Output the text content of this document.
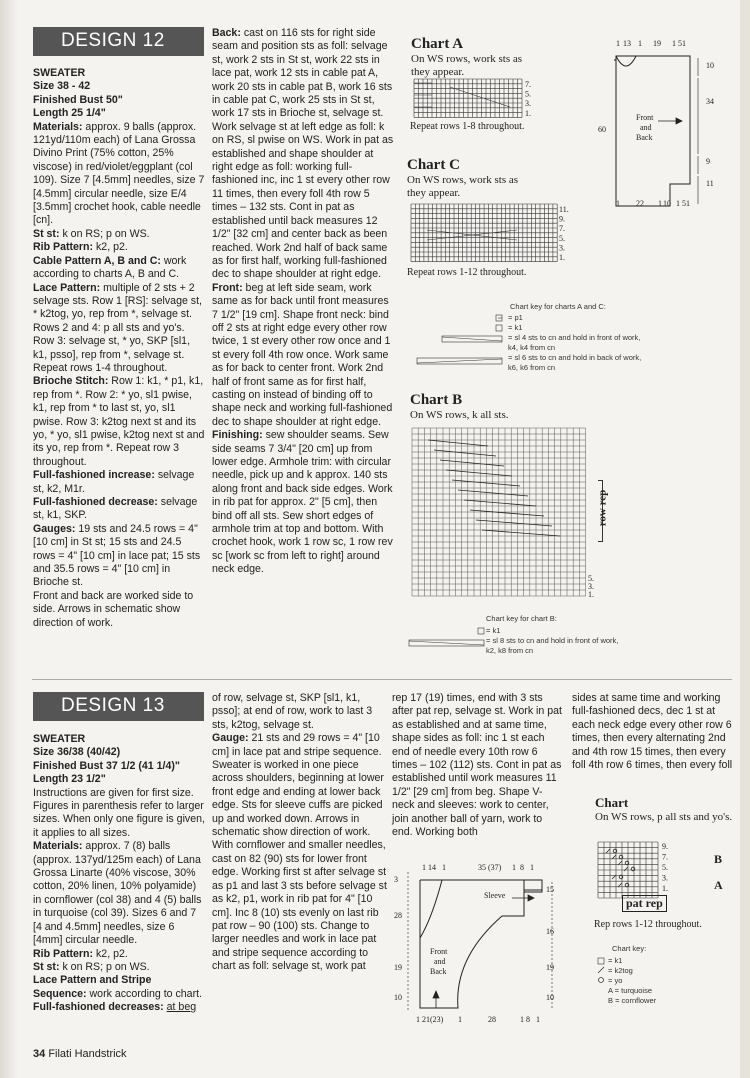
DESIGN 12

SWEATER

Size 38 - 42

Finished Bust 50"

Length 25 1/4"

Materials: approx. 9 balls (approx. 121yd/110m each) of Lana Grossa Divino Print (75% cotton, 25% viscose) in red/violet/eggplant (col 109). Size 7 [4.5mm] needles, size 7 [4.5mm] circular needle, size E/4 [3.5mm] crochet hook, cable needle [cn].

St st: k on RS; p on WS.

Rib Pattern: k2, p2.

Cable Pattern A, B and C: work according to charts A, B and C.

Lace Pattern: multiple of 2 sts + 2 selvage sts. Row 1 [RS]: selvage st, * k2tog, yo, rep from *, selvage st. Rows 2 and 4: p all sts and yo's. Row 3: selvage st, * yo, SKP [sl1, k1, psso], rep from *, selvage st. Repeat rows 1-4 throughout.

Brioche Stitch: Row 1: k1, * p1, k1, rep from *. Row 2: * yo, sl1 pwise, k1, rep from * to last st, yo, sl1 pwise. Row 3: k2tog next st and its yo, * yo, sl1 pwise, k2tog next st and its yo, rep from *. Repeat row 3 throughout.

Full-fashioned increase: selvage st, k2, M1r.

Full-fashioned decrease: selvage st, k1, SKP.

Gauges: 19 sts and 24.5 rows = 4" [10 cm] in St st; 15 sts and 24.5 rows = 4" [10 cm] in lace pat; 15 sts and 35.5 rows = 4" [10 cm] in Brioche st.

Front and back are worked side to side. Arrows in schematic show direction of work.

Back: cast on 116 sts for right side seam and position sts as foll: selvage st, work 2 sts in St st, work 22 sts in lace pat, work 12 sts in cable pat A, work 20 sts in cable pat B, work 16 sts in cable pat C, work 25 sts in St st, work 17 sts in Brioche st, selvage st. Work selvage st at left edge as foll: k on RS, sl pwise on WS. Work in pat as established and shape shoulder at right edge as foll: working full-fashioned inc, inc 1 st every other row 11 times, then every foll 4th row 5 times – 132 sts. Cont in pat as established until back measures 12 1/2" [32 cm] and center back as been reached. Work 2nd half of back same as for first half, working full-fashioned dec to shape shoulder at right edge.

Front: beg at left side seam, work same as for back until front measures 7 1/2" [19 cm]. Shape front neck: bind off 2 sts at right edge every other row twice, 1 st every other row once and 1 st every foll 4th row once. Work same as for back to center front. Work 2nd half of front same as for first half, casting on instead of binding off to shape neck and working full-fashioned dec to shape shoulder at right edge.

Finishing: sew shoulder seams. Sew side seams 7 3/4" [20 cm] up from lower edge. Armhole trim: with circular needle, pick up and k approx. 140 sts along front and back side edges. Work in rib pat for approx. 2" [5 cm], then bind off all sts. Sew short edges of armhole trim at top and bottom. With crochet hook, work 1 row sc, 1 row rev sc [work sc from left to right] around neck edge.

Chart A
On WS rows, work sts as they appear.
7.
5.
3.
1.
Repeat rows 1-8 throughout.
Chart C
On WS rows, work sts as they appear.
11.
9.
7.
5.
3.
1.
Repeat rows 1-12 throughout.
Chart key for charts A and C:
= p1
= k1
= sl 4 sts to cn and hold in front of work, k4, k4 from cn
= sl 6 sts to cn and hold in back of work, k6, k6 from cn
Chart B
On WS rows, k all sts.
5.
3.
1.
row rep
Chart key for chart B:
= k1
= sl 8 sts to cn and hold in front of work, k2, k8 from cn
1 13 1 19 1 51
10
34
9
11
60
1 22 1 10 1 51
Front
and
Back
DESIGN 13

SWEATER

Size 36/38 (40/42)

Finished Bust 37 1/2 (41 1/4)"

Length 23 1/2"

Instructions are given for first size. Figures in parenthesis refer to larger sizes. When only one figure is given, it applies to all sizes.

Materials: approx. 7 (8) balls (approx. 137yd/125m each) of Lana Grossa Linarte (40% viscose, 30% cotton, 20% linen, 10% polyamide) in cornflower (col 38) and 4 (5) balls in turquoise (col 39). Sizes 6 and 7 [4 and 4.5mm] needles, size 6 [4mm] circular needle.

Rib Pattern: k2, p2.

St st: k on RS; p on WS.

Lace Pattern and Stripe Sequence: work according to chart.

Full-fashioned decreases: at beg

of row, selvage st, SKP [sl1, k1, psso]; at end of row, work to last 3 sts, k2tog, selvage st.

Gauge: 21 sts and 29 rows = 4" [10 cm] in lace pat and stripe sequence.

Sweater is worked in one piece across shoulders, beginning at lower front edge and ending at lower back edge. Sts for sleeve cuffs are picked up and worked down. Arrows in schematic show direction of work.

With cornflower and smaller needles, cast on 82 (90) sts for lower front edge. Working first st after selvage st as p1 and last 3 sts before selvage st as k2, p1, work in rib pat for 4" [10 cm]. Inc 8 (10) sts evenly on last rib pat row – 90 (100) sts. Change to larger needles and work in lace pat and stripe sequence according to chart as foll: selvage st, work pat

rep 17 (19) times, end with 3 sts after pat rep, selvage st. Work in pat as established and at same time, shape sides as foll: inc 1 st each end of needle every 10th row 6 times – 102 (112) sts. Cont in pat as established until work measures 11 1/2" [29 cm] from beg. Shape V-neck and sleeves: work to center, join another ball of yarn, work to end. Working both

sides at same time and working full-fashioned decs, dec 1 st at each neck edge every other row 6 times, then every alternating 2nd and 4th row 15 times, then every foll 4th row 6 times, then every foll

1 14 1	35 (37) 1 8 1
3
28
19
10
15
16
19
10
1 21(23) 1	28	1 8 1
Sleeve
Front
and
Back
Chart
On WS rows, p all sts and yo's.
9.
7.
5.
3.
1.
B
A
pat rep
Rep rows 1-12 throughout.
Chart key:
= k1
= k2tog
= yo
A = turquoise
B = cornflower
34 Filati Handstrick
